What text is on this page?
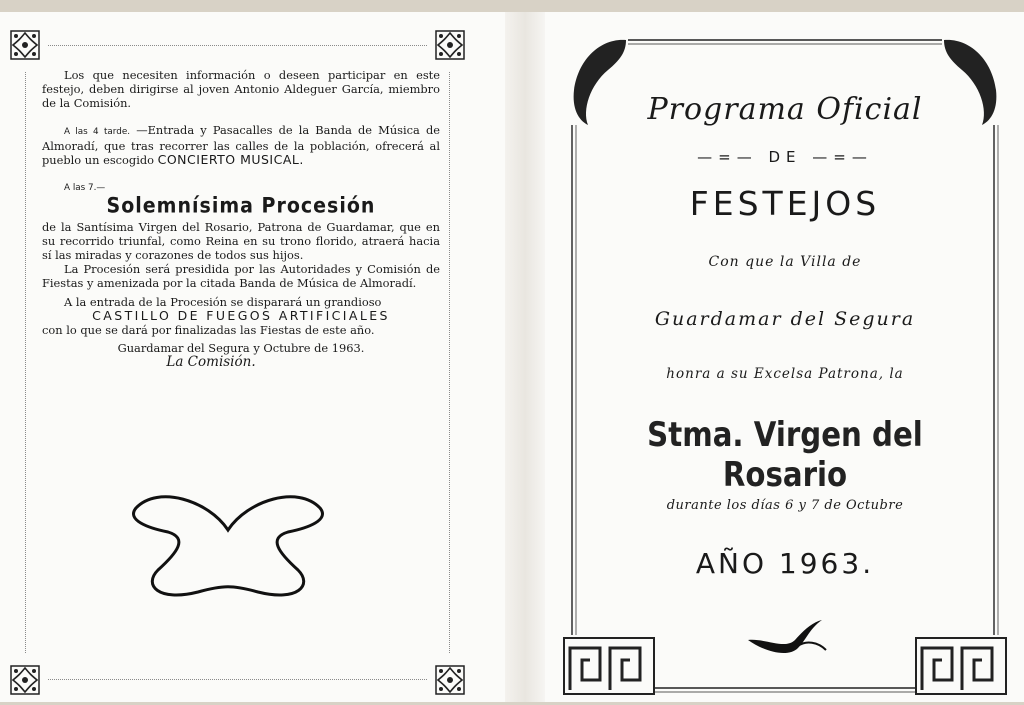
Los que necesiten información o deseen participar en este festejo, deben dirigirse al joven Antonio Aldeguer García, miembro de la Comisión.

A las 4 tarde. —Entrada y Pasacalles de la Banda de Música de Almoradí, que tras recorrer las calles de la población, ofrecerá al pueblo un escogido CONCIERTO MUSICAL.

A las 7.—

Solemnísima Procesión

de la Santísima Virgen del Rosario, Patrona de Guardamar, que en su recorrido triunfal, como Reina en su trono florido, atraerá hacia sí las miradas y corazones de todos sus hijos.

La Procesión será presidida por las Autoridades y Comisión de Fiestas y amenizada por la citada Banda de Música de Almoradí.

A la entrada de la Procesión se disparará un grandioso

CASTILLO DE FUEGOS ARTIFICIALES

con lo que se dará por finalizadas las Fiestas de este año.

Guardamar del Segura y Octubre de 1963.

La Comisión.

Programa Oficial
—=— DE —=—
FESTEJOS
Con que la Villa de
Guardamar del Segura
honra a su Excelsa Patrona, la
Stma. Virgen del Rosario
durante los días 6 y 7 de Octubre
AÑO 1963.
